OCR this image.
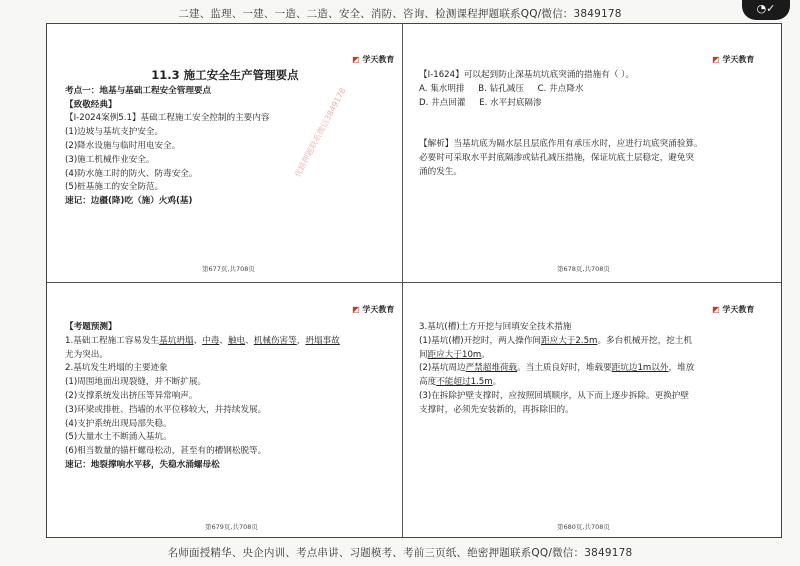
二建、监理、一建、一造、二造、安全、消防、咨询、检测课程押题联系QQ/微信：3849178	◔✓
◩ 学天教育
11.3 施工安全生产管理要点
考点一：地基与基础工程安全管理要点
【致敬经典】
【Ⅰ-2024案例5.1】基础工程施工安全控制的主要内容
(1)边坡与基坑支护安全。
(2)降水设施与临时用电安全。
(3)施工机械作业安全。
(4)防水施工时的防火、防毒安全。
(5)桩基施工的安全防范。
速记：边疆(降)吃（施）火鸡(基)
第677页,共708页
优路押题联系微信3849178
◩ 学天教育
【Ⅰ-1624】可以起到防止深基坑坑底突涌的措施有（ ）。
A. 集水明排 B. 钻孔减压 C. 井点降水
D. 井点回灌 E. 水平封底隔渗
【解析】当基坑底为隔水层且层底作用有承压水时，应进行坑底突涌验算。
必要时可采取水平封底隔渗或钻孔减压措施，保证坑底土层稳定，避免突
涌的发生。
第678页,共708页
◩ 学天教育
【考题预测】
1.基础工程施工容易发生基坑坍塌、中毒、触电、机械伤害等，坍塌事故
尤为突出。
2.基坑发生坍塌的主要迹象
(1)周围地面出现裂缝，并不断扩展。
(2)支撑系统发出挤压等异常响声。
(3)环梁或排桩、挡墙的水平位移较大，并持续发展。
(4)支护系统出现局部失稳。
(5)大量水土不断涌入基坑。
(6)相当数量的锚杆螺母松动，甚至有的槽钢松脱等。
速记：地裂撑响水平移，失稳水涌螺母松
第679页,共708页
◩ 学天教育
3.基坑(槽)土方开挖与回填安全技术措施
(1)基坑(槽)开挖时，两人操作间距应大于2.5m。多台机械开挖，挖土机
间距应大于10m。
(2)基坑周边严禁超堆荷载。当土质良好时，堆载要距坑边1m以外，堆放
高度不能超过1.5m。
(3)在拆除护壁支撑时，应按照回填顺序，从下而上逐步拆除。更换护壁
支撑时，必须先安装新的，再拆除旧的。
第680页,共708页
名师面授精华、央企内训、考点串讲、习题模考、考前三页纸、绝密押题联系QQ/微信：3849178
